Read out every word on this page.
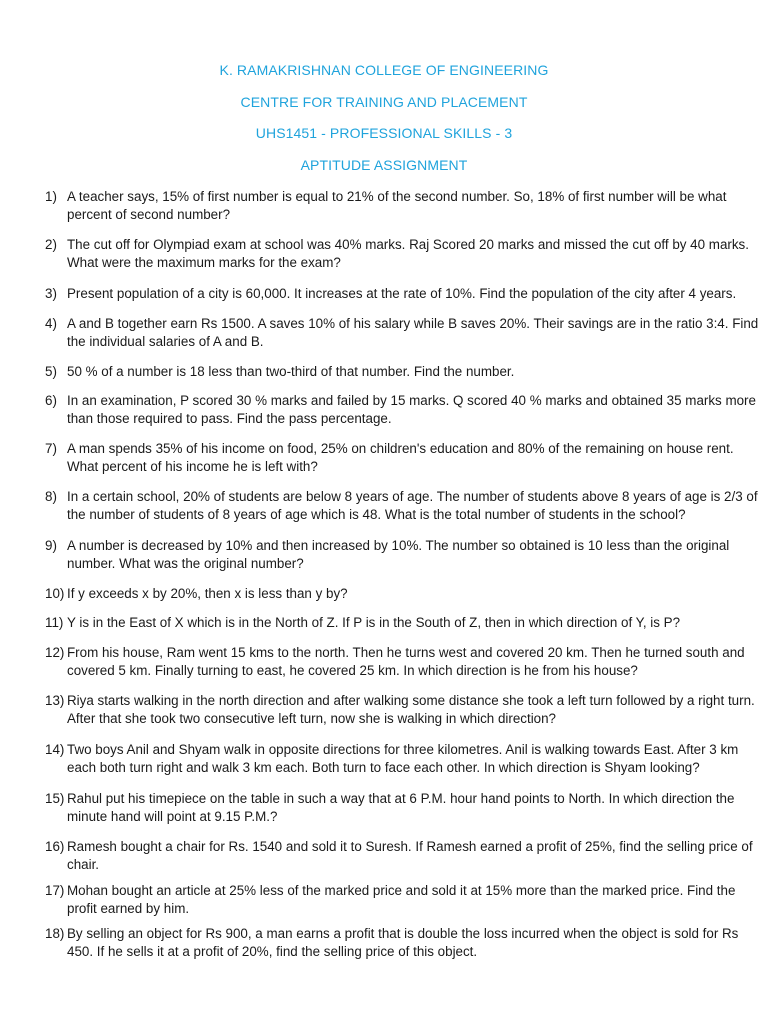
K. RAMAKRISHNAN COLLEGE OF ENGINEERING
CENTRE FOR TRAINING AND PLACEMENT
UHS1451 - PROFESSIONAL SKILLS - 3
APTITUDE ASSIGNMENT
1) A teacher says, 15% of first number is equal to 21% of the second number. So, 18% of first number will be what percent of second number?
2) The cut off for Olympiad exam at school was 40% marks. Raj Scored 20 marks and missed the cut off by 40 marks. What were the maximum marks for the exam?
3) Present population of a city is 60,000. It increases at the rate of 10%. Find the population of the city after 4 years.
4) A and B together earn Rs 1500. A saves 10% of his salary while B saves 20%. Their savings are in the ratio 3:4. Find the individual salaries of A and B.
5) 50 % of a number is 18 less than two-third of that number. Find the number.
6) In an examination, P scored 30 % marks and failed by 15 marks. Q scored 40 % marks and obtained 35 marks more than those required to pass. Find the pass percentage.
7) A man spends 35% of his income on food, 25% on children's education and 80% of the remaining on house rent. What percent of his income he is left with?
8) In a certain school, 20% of students are below 8 years of age. The number of students above 8 years of age is 2/3 of the number of students of 8 years of age which is 48. What is the total number of students in the school?
9) A number is decreased by 10% and then increased by 10%. The number so obtained is 10 less than the original number. What was the original number?
10) If y exceeds x by 20%, then x is less than y by?
11) Y is in the East of X which is in the North of Z. If P is in the South of Z, then in which direction of Y, is P?
12) From his house, Ram went 15 kms to the north. Then he turns west and covered 20 km. Then he turned south and covered 5 km. Finally turning to east, he covered 25 km. In which direction is he from his house?
13) Riya starts walking in the north direction and after walking some distance she took a left turn followed by a right turn. After that she took two consecutive left turn, now she is walking in which direction?
14) Two boys Anil and Shyam walk in opposite directions for three kilometres. Anil is walking towards East. After 3 km each both turn right and walk 3 km each. Both turn to face each other. In which direction is Shyam looking?
15) Rahul put his timepiece on the table in such a way that at 6 P.M. hour hand points to North. In which direction the minute hand will point at 9.15 P.M.?
16) Ramesh bought a chair for Rs. 1540 and sold it to Suresh. If Ramesh earned a profit of 25%, find the selling price of chair.
17) Mohan bought an article at 25% less of the marked price and sold it at 15% more than the marked price. Find the profit earned by him.
18) By selling an object for Rs 900, a man earns a profit that is double the loss incurred when the object is sold for Rs 450. If he sells it at a profit of 20%, find the selling price of this object.
